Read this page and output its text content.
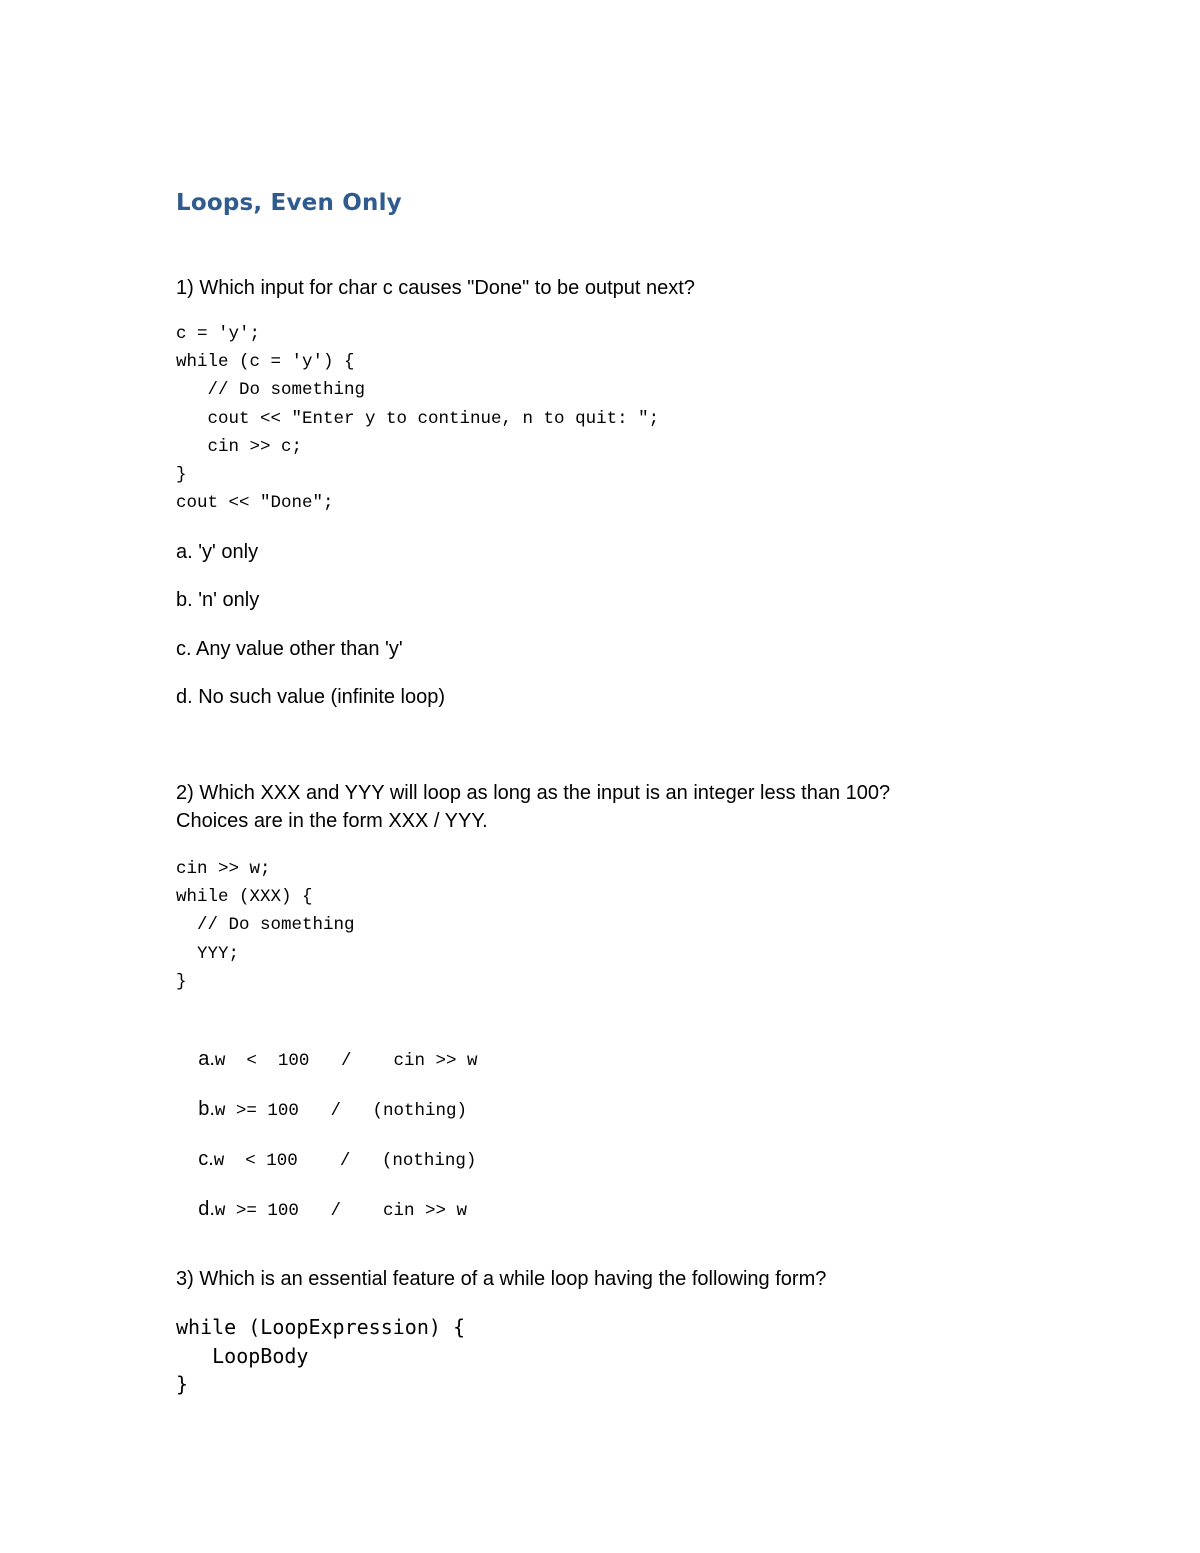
Loops, Even Only
1) Which input for char c causes "Done" to be output next?
c = 'y';
while (c = 'y') {
// Do something
cout << "Enter y to continue, n to quit: ";
cin >> c;
}
cout << "Done";
a. 'y' only
b. 'n' only
c. Any value other than 'y'
d. No such value (infinite loop)
2) Which XXX and YYY will loop as long as the input is an integer less than 100?
Choices are in the form XXX / YYY.
cin >> w;
while (XXX) {
// Do something
YYY;
}

a.w  <  100   /    cin >> w

b.w >= 100   /   (nothing)

c.w  < 100    /   (nothing)

d.w >= 100   /    cin >> w

3) Which is an essential feature of a while loop having the following form?
while (LoopExpression) {
LoopBody
}
